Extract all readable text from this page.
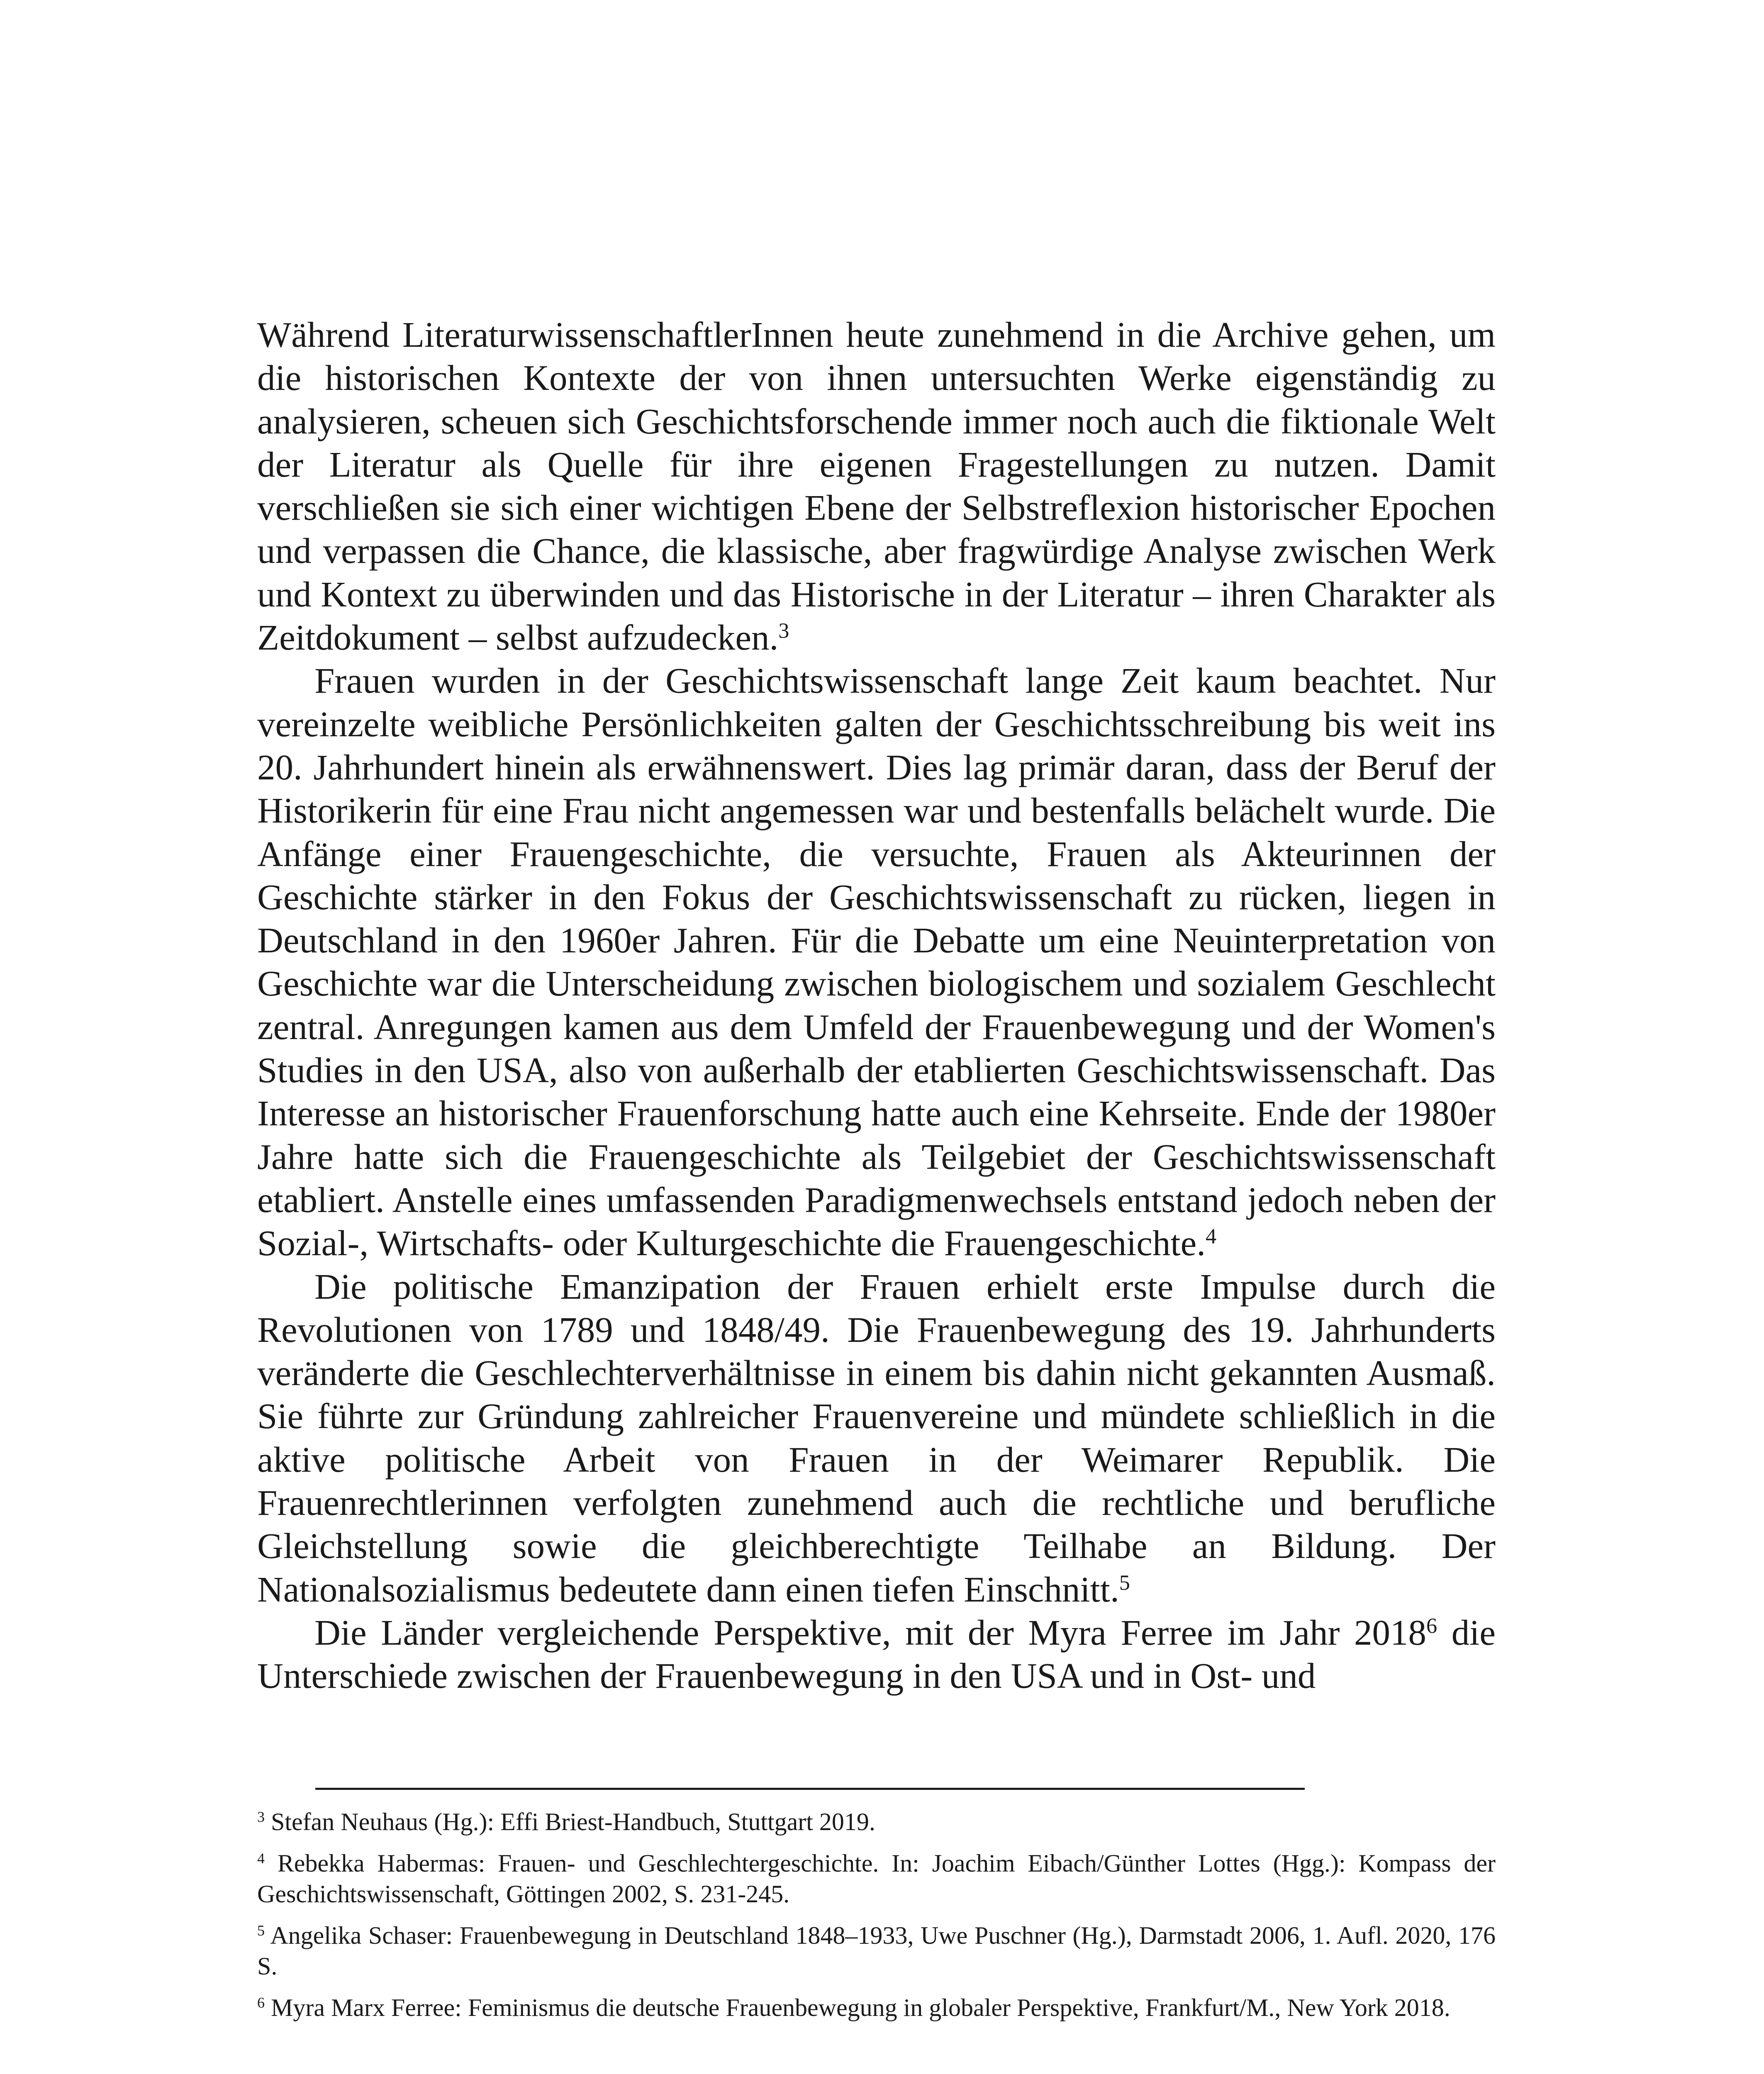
Während LiteraturwissenschaftlerInnen heute zunehmend in die Archive gehen, um die historischen Kontexte der von ihnen untersuchten Werke eigenständig zu analysieren, scheuen sich Geschichtsforschende immer noch auch die fiktionale Welt der Literatur als Quelle für ihre eigenen Fragestellungen zu nutzen. Damit verschließen sie sich einer wichtigen Ebene der Selbstreflexion historischer Epochen und verpassen die Chance, die klassische, aber fragwürdige Analyse zwischen Werk und Kontext zu überwinden und das Historische in der Literatur – ihren Charakter als Zeitdokument – selbst aufzudecken.$^3$

Frauen wurden in der Geschichtswissenschaft lange Zeit kaum beachtet. Nur vereinzelte weibliche Persönlichkeiten galten der Geschichtsschreibung bis weit ins 20. Jahrhundert hinein als erwähnenswert. Dies lag primär daran, dass der Beruf der Historikerin für eine Frau nicht angemessen war und bestenfalls belächelt wurde. Die Anfänge einer Frauengeschichte, die versuchte, Frauen als Akteurinnen der Geschichte stärker in den Fokus der Geschichtswissenschaft zu rücken, liegen in Deutschland in den 1960er Jahren. Für die Debatte um eine Neuinterpretation von Geschichte war die Unterscheidung zwischen biologischem und sozialem Geschlecht zentral. Anregungen kamen aus dem Umfeld der Frauenbewegung und der Women's Studies in den USA, also von außerhalb der etablierten Geschichtswissenschaft. Das Interesse an historischer Frauenforschung hatte auch eine Kehrseite. Ende der 1980er Jahre hatte sich die Frauengeschichte als Teilgebiet der Geschichtswissenschaft etabliert. Anstelle eines umfassenden Paradigmenwechsels entstand jedoch neben der Sozial-, Wirtschafts- oder Kulturgeschichte die Frauengeschichte.$^4$

Die politische Emanzipation der Frauen erhielt erste Impulse durch die Revolutionen von 1789 und 1848/49. Die Frauenbewegung des 19. Jahrhunderts veränderte die Geschlechterverhältnisse in einem bis dahin nicht gekannten Ausmaß. Sie führte zur Gründung zahlreicher Frauenvereine und mündete schließlich in die aktive politische Arbeit von Frauen in der Weimarer Republik. Die Frauenrechtlerinnen verfolgten zunehmend auch die rechtliche und berufliche Gleichstellung sowie die gleichberechtigte Teilhabe an Bildung. Der Nationalsozialismus bedeutete dann einen tiefen Einschnitt.$^5$

Die Länder vergleichende Perspektive, mit der Myra Ferree im Jahr 2018$^6$ die Unterschiede zwischen der Frauenbewegung in den USA und in Ost- und

$^3$ Stefan Neuhaus (Hg.): Effi Briest-Handbuch, Stuttgart 2019.

$^4$ Rebekka Habermas: Frauen- und Geschlechtergeschichte. In: Joachim Eibach/Günther Lottes (Hgg.): Kompass der Geschichtswissenschaft, Göttingen 2002, S. 231-245.

$^5$ Angelika Schaser: Frauenbewegung in Deutschland 1848–1933, Uwe Puschner (Hg.), Darmstadt 2006, 1. Aufl. 2020, 176 S.

$^6$ Myra Marx Ferree: Feminismus die deutsche Frauenbewegung in globaler Perspektive, Frankfurt/M., New York 2018.
